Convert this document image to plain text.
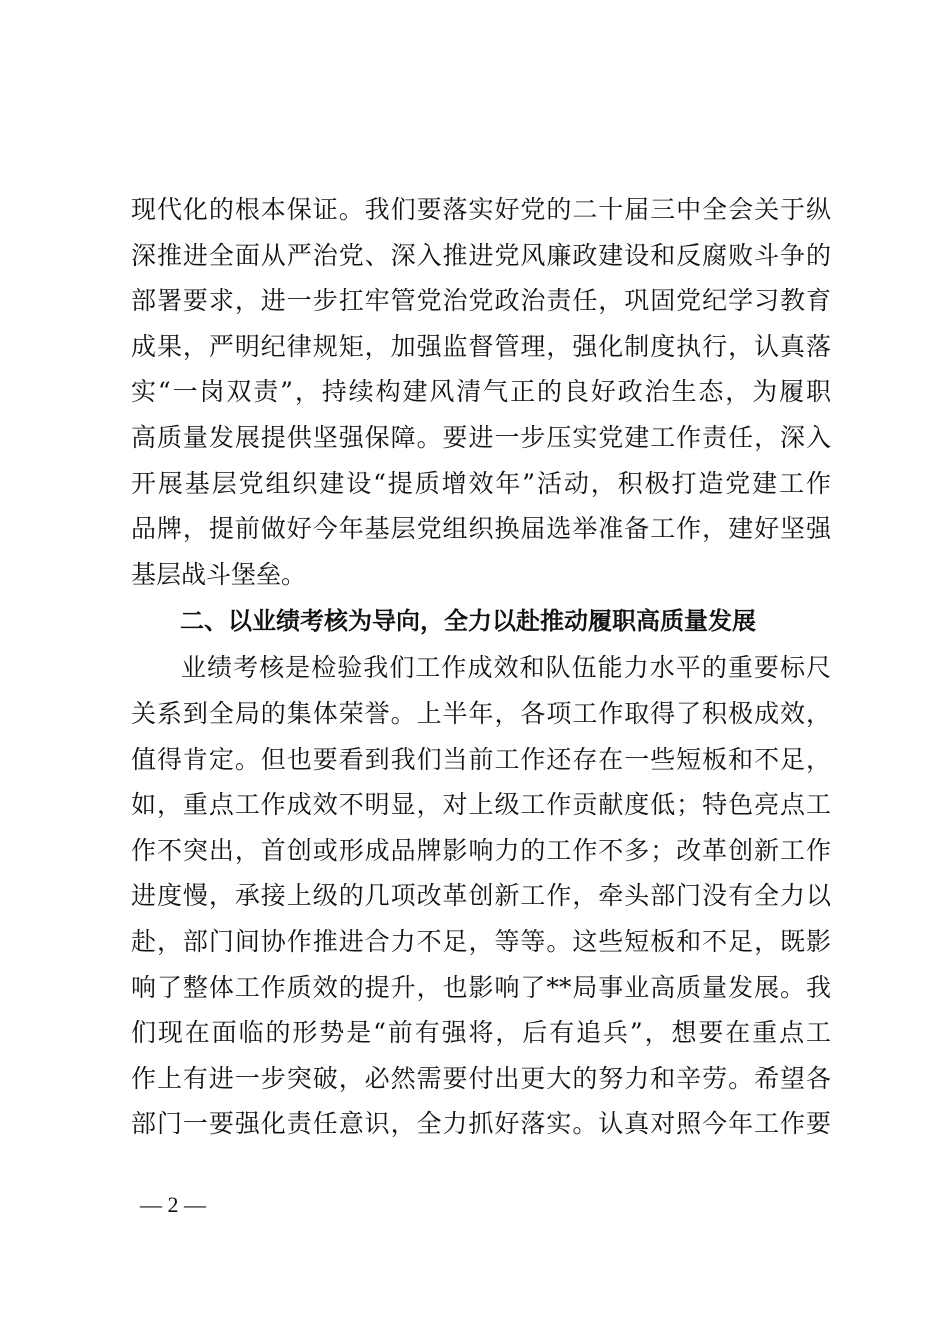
现代化的根本保证。我们要落实好党的二十届三中全会关于纵
深推进全面从严治党、深入推进党风廉政建设和反腐败斗争的
部署要求，进一步扛牢管党治党政治责任，巩固党纪学习教育
成果，严明纪律规矩，加强监督管理，强化制度执行，认真落
实“一岗双责”，持续构建风清气正的良好政治生态，为履职
高质量发展提供坚强保障。要进一步压实党建工作责任，深入
开展基层党组织建设“提质增效年”活动，积极打造党建工作
品牌，提前做好今年基层党组织换届选举准备工作，建好坚强
基层战斗堡垒。
二、以业绩考核为导向，全力以赴推动履职高质量发展
业绩考核是检验我们工作成效和队伍能力水平的重要标尺
关系到全局的集体荣誉。上半年，各项工作取得了积极成效，
值得肯定。但也要看到我们当前工作还存在一些短板和不足，
如，重点工作成效不明显，对上级工作贡献度低；特色亮点工
作不突出，首创或形成品牌影响力的工作不多；改革创新工作
进度慢，承接上级的几项改革创新工作，牵头部门没有全力以
赴，部门间协作推进合力不足，等等。这些短板和不足，既影
响了整体工作质效的提升，也影响了**局事业高质量发展。我
们现在面临的形势是“前有强将，后有追兵”，想要在重点工
作上有进一步突破，必然需要付出更大的努力和辛劳。希望各
部门一要强化责任意识，全力抓好落实。认真对照今年工作要
— 2 —
